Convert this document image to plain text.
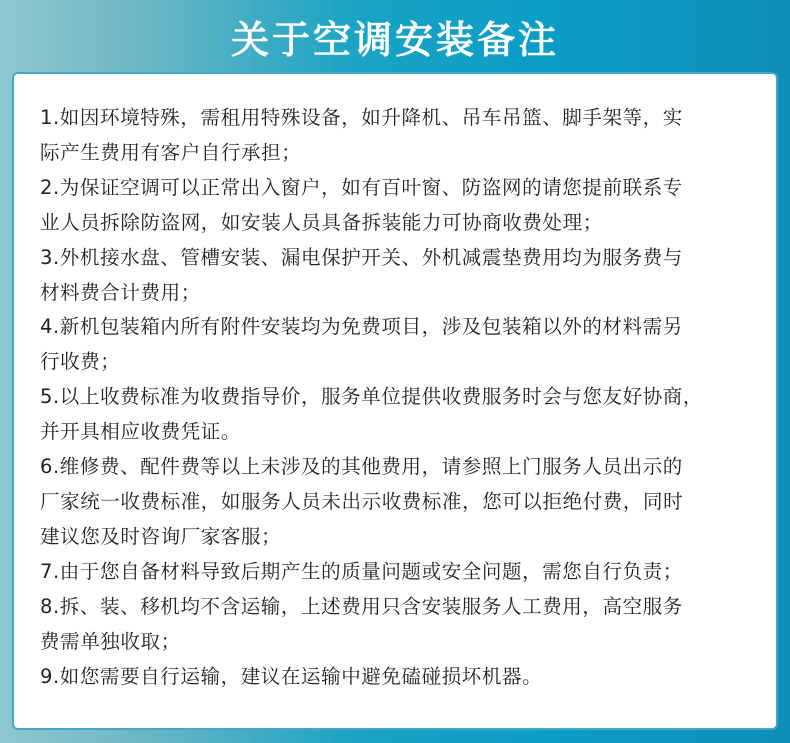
关于空调安装备注
1.如因环境特殊，需租用特殊设备，如升降机、吊车吊篮、脚手架等，实
际产生费用有客户自行承担；
2.为保证空调可以正常出入窗户，如有百叶窗、防盗网的请您提前联系专
业人员拆除防盗网，如安装人员具备拆装能力可协商收费处理；
3.外机接水盘、管槽安装、漏电保护开关、外机减震垫费用均为服务费与
材料费合计费用；
4.新机包装箱内所有附件安装均为免费项目，涉及包装箱以外的材料需另
行收费；
5.以上收费标准为收费指导价，服务单位提供收费服务时会与您友好协商，
并开具相应收费凭证。
6.维修费、配件费等以上未涉及的其他费用，请参照上门服务人员出示的
厂家统一收费标准，如服务人员未出示收费标准，您可以拒绝付费，同时
建议您及时咨询厂家客服；
7.由于您自备材料导致后期产生的质量问题或安全问题，需您自行负责；
8.拆、装、移机均不含运输，上述费用只含安装服务人工费用，高空服务
费需单独收取；
9.如您需要自行运输，建议在运输中避免磕碰损坏机器。
